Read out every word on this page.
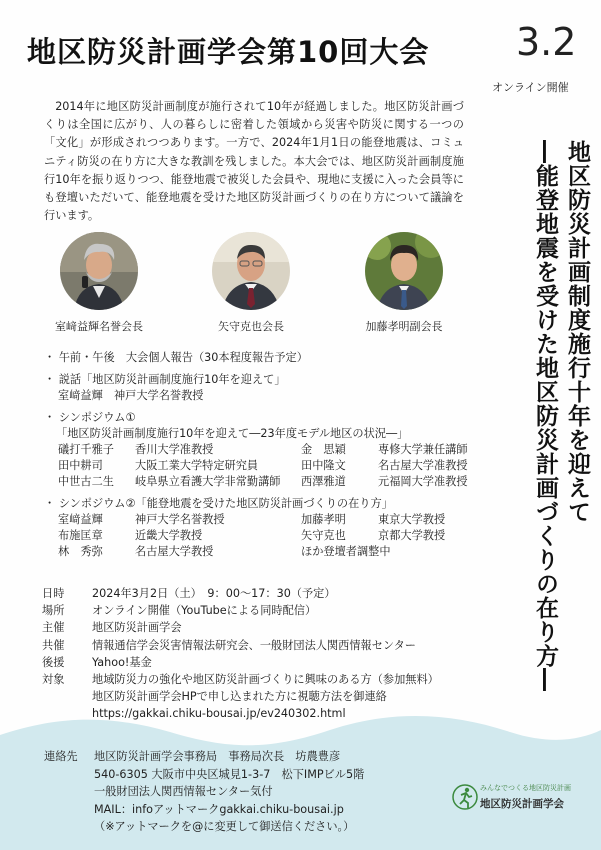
地区防災計画学会第10回大会 3.2
オンライン開催
2014年に地区防災計画制度が施行されて10年が経過しました。地区防災計画づくりは全国に広がり、人の暮らしに密着した領域から災害や防災に関する一つの「文化」が形成されつつあります。一方で、2024年1月1日の能登地震は、コミュニティ防災の在り方に大きな教訓を残しました。本大会では、地区防災計画制度施行10年を振り返りつつ、能登地震で被災した会員や、現地に支援に入った会員等にも登壇いただいて、能登地震を受けた地区防災計画づくりの在り方について議論を行います。
室﨑益輝名誉会長	矢守克也会長	加藤孝明副会長	地区防災計画制度施行十年を迎えて
―能登地震を受けた地区防災計画づくりの在り方―
・ 午前・午後　大会個人報告（30本程度報告予定）
・ 説話「地区防災計画制度施行10年を迎えて」
室﨑益輝　神戸大学名誉教授
・ シンポジウム①
「地区防災計画制度施行10年を迎えて―23年度モデル地区の状況―」
礒打千雅子	香川大学准教授	金　思穎	専修大学兼任講師
田中耕司	大阪工業大学特定研究員	田中隆文	名古屋大学准教授
中世古二生	岐阜県立看護大学非常勤講師	西澤雅道	元福岡大学准教授
・ シンポジウム②「能登地震を受けた地区防災計画づくりの在り方」
室﨑益輝	神戸大学名誉教授	加藤孝明	東京大学教授
布施匡章	近畿大学教授	矢守克也	京都大学教授
林　秀弥	名古屋大学教授	ほか登壇者調整中
日時	2024年3月2日（土）　9：00～17：30（予定）
場所	オンライン開催（YouTubeによる同時配信）
主催	地区防災計画学会
共催	情報通信学会災害情報法研究会、一般財団法人関西情報センター
後援	Yahoo!基金
対象	地域防災力の強化や地区防災計画づくりに興味のある方（参加無料）
地区防災計画学会HPで申し込まれた方に視聴方法を御連絡
https://gakkai.chiku-bousai.jp/ev240302.html
連絡先	地区防災計画学会事務局　事務局次長　坊農豊彦
540-6305 大阪市中央区城見1-3-7　松下IMPビル5階
一般財団法人関西情報センター気付
MAIL：infoアットマークgakkai.chiku-bousai.jp
（※アットマークを@に変更して御送信ください。）
みんなでつくる地区防災計画
地区防災計画学会
